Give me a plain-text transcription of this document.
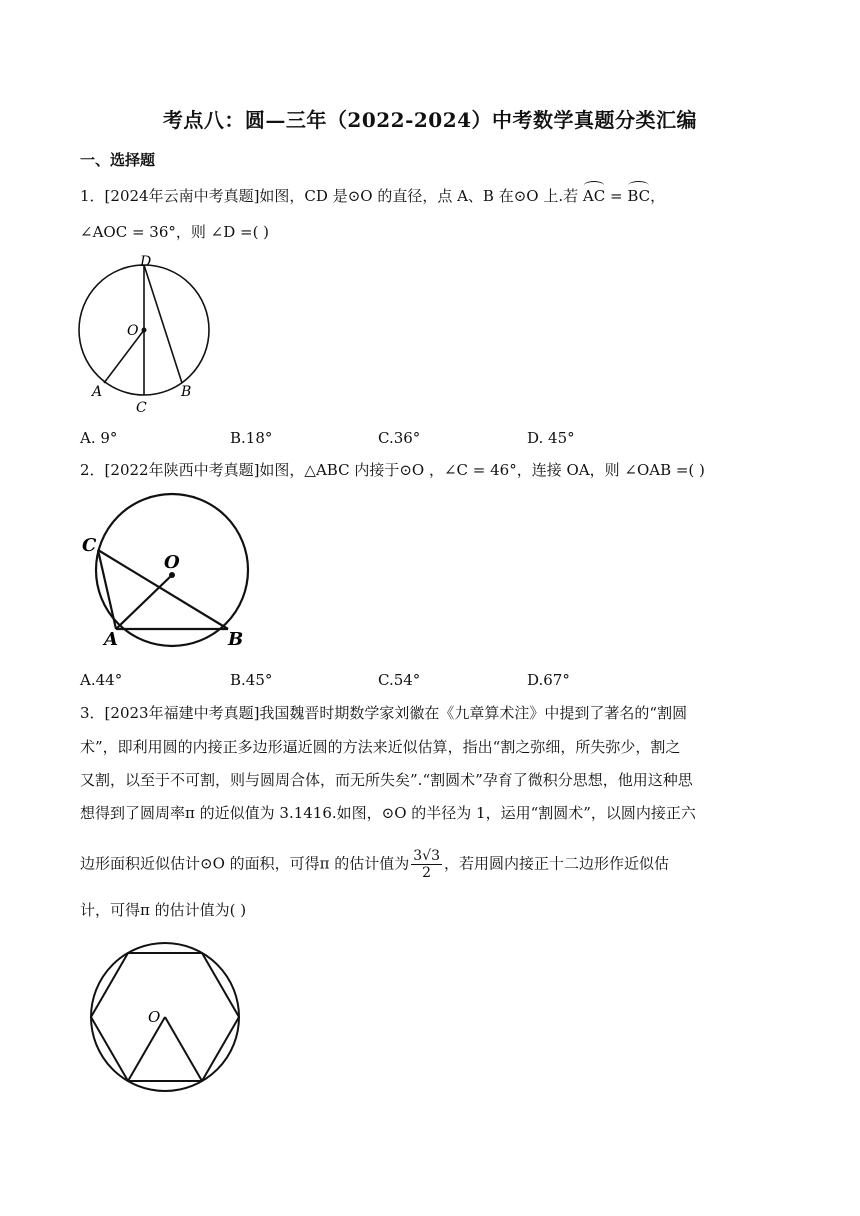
考点八：圆—三年（2022-2024）中考数学真题分类汇编
一、选择题
1．[2024年云南中考真题]如图，CD 是⊙O 的直径，点 A、B 在⊙O 上.若 AC = BC，
∠AOC = 36°，则 ∠D =( )
D
O
A
C
B
A. 9°	B.18°	C.36°	D. 45°
2．[2022年陕西中考真题]如图，△ABC 内接于⊙O ，∠C = 46°，连接 OA，则 ∠OAB =( )
C
O
A	B
A.44°	B.45°	C.54°	D.67°
3．[2023年福建中考真题]我国魏晋时期数学家刘徽在《九章算术注》中提到了著名的“割圆
术”，即利用圆的内接正多边形逼近圆的方法来近似估算，指出“割之弥细，所失弥少，割之
又割，以至于不可割，则与圆周合体，而无所失矣”.“割圆术”孕育了微积分思想，他用这种思
想得到了圆周率π 的近似值为 3.1416.如图，⊙O 的半径为 1，运用“割圆术”，以圆内接正六
边形面积近似估计⊙O 的面积，可得π 的估计值为 $\frac{3√3}{2}$ ，若用圆内接正十二边形作近似估
计，可得π 的估计值为( )
O
